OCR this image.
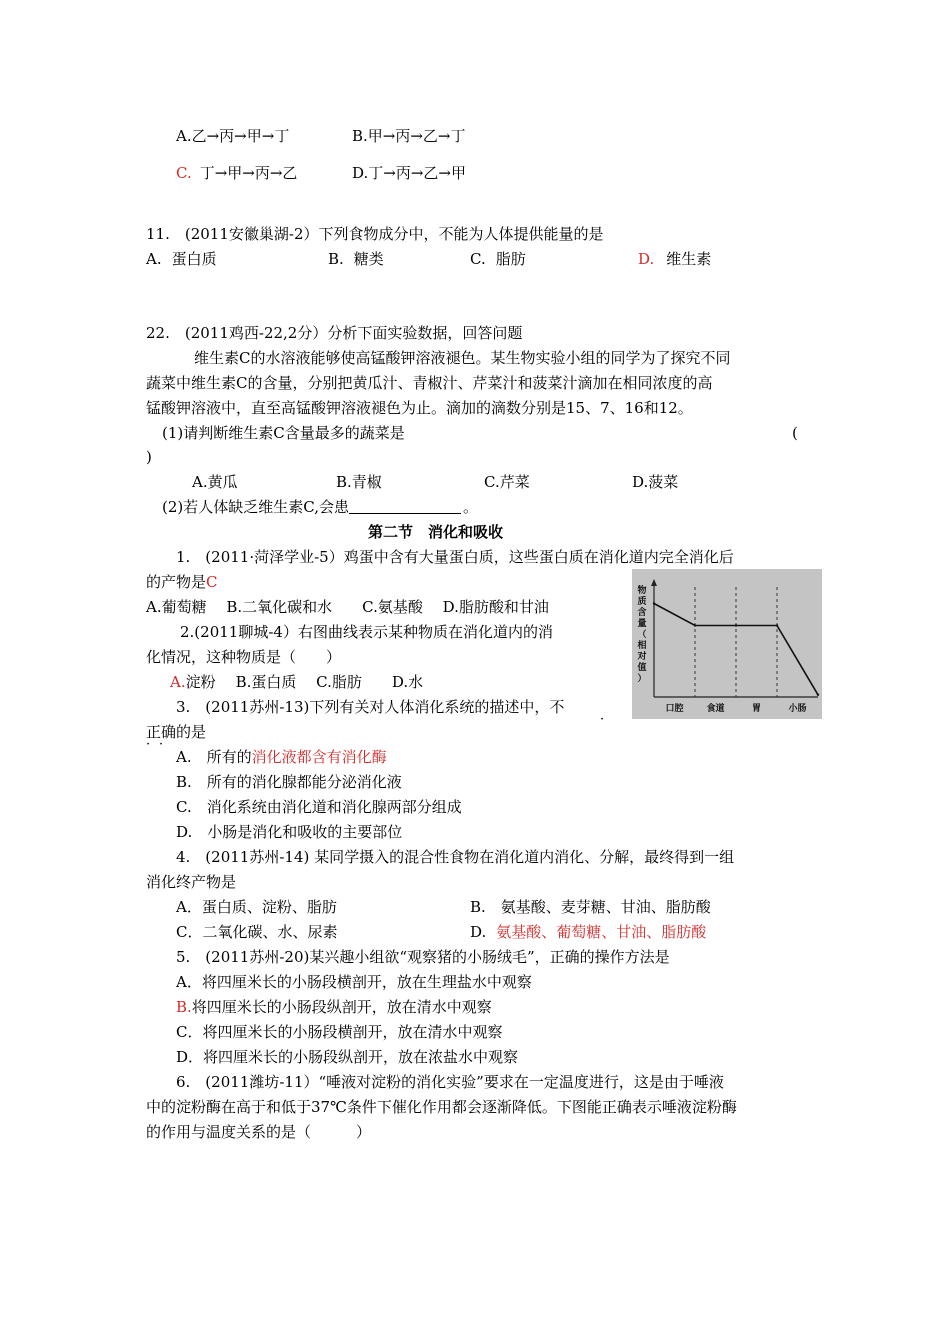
A.乙→丙→甲→丁	B.甲→丙→乙→丁
C. 丁→甲→丙→乙	D.丁→丙→乙→甲
11.　(2011安徽巢湖-2）下列食物成分中，不能为人体提供能量的是
A. 蛋白质	B. 糖类	C. 脂肪	D. 维生素
22.　(2011鸡西-22,2分）分析下面实验数据，回答问题
维生素C的水溶液能够使高锰酸钾溶液褪色。某生物实验小组的同学为了探究不同
蔬菜中维生素C的含量，分别把黄瓜汁、青椒汁、芹菜汁和菠菜汁滴加在相同浓度的高
锰酸钾溶液中，直至高锰酸钾溶液褪色为止。滴加的滴数分别是15、7、16和12。
(1)请判断维生素C含量最多的蔬菜是	(
)
A.黄瓜	B.青椒	C.芹菜	D.菠菜
(2)若人体缺乏维生素C,会患	。
第二节　消化和吸收
1.　(2011·菏泽学业-5）鸡蛋中含有大量蛋白质，这些蛋白质在消化道内完全消化后
的产物是C
A.葡萄糖　 B.二氧化碳和水　　C.氨基酸　 D.脂肪酸和甘油
2.(2011聊城-4）右图曲线表示某种物质在消化道内的消
化情况，这种物质是（　　）
A.淀粉 B.蛋白质　 C.脂肪　　D.水
物质含量（相对值）
口腔	食道	胃	小肠
3.　(2011苏州-13)下列有关对人体消化系统的描述中，不
·
正确的是
· ·
A.　所有的消化液都含有消化酶
B.　所有的消化腺都能分泌消化液
C.　消化系统由消化道和消化腺两部分组成
D.　小肠是消化和吸收的主要部位
4.　(2011苏州-14) 某同学摄入的混合性食物在消化道内消化、分解，最终得到一组
消化终产物是
A．蛋白质、淀粉、脂肪	B.　氨基酸、麦芽糖、甘油、脂肪酸
C．二氧化碳、水、尿素	D. 氨基酸、葡萄糖、甘油、脂肪酸
5.　(2011苏州-20)某兴趣小组欲“观察猪的小肠绒毛”，正确的操作方法是
A．将四厘米长的小肠段横剖开，放在生理盐水中观察
B.将四厘米长的小肠段纵剖开，放在清水中观察
C．将四厘米长的小肠段横剖开，放在清水中观察
D．将四厘米长的小肠段纵剖开，放在浓盐水中观察
6.　(2011潍坊-11）“唾液对淀粉的消化实验”要求在一定温度进行，这是由于唾液
中的淀粉酶在高于和低于37℃条件下催化作用都会逐渐降低。下图能正确表示唾液淀粉酶
的作用与温度关系的是（　　　）
